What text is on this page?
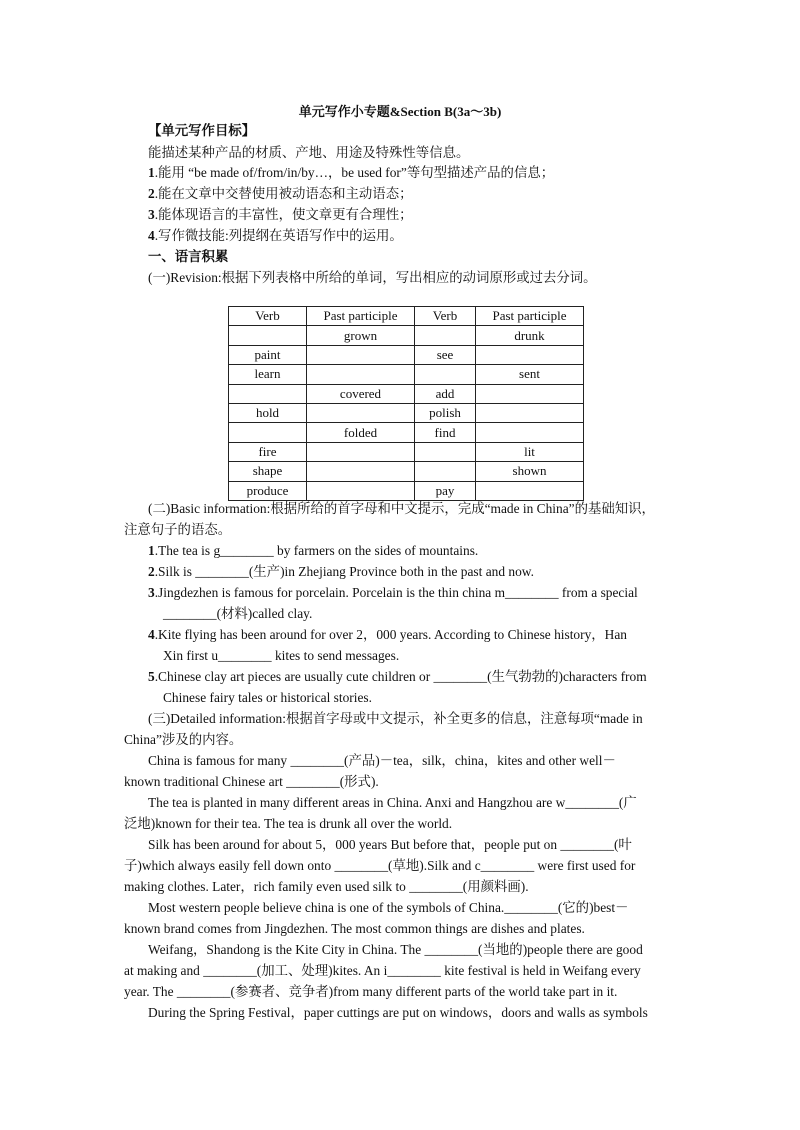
单元写作小专题&Section B(3a～3b)
【单元写作目标】
能描述某种产品的材质、产地、用途及特殊性等信息。
1.能用 “be made of/from/in/by…，be used for”等句型描述产品的信息；
2.能在文章中交替使用被动语态和主动语态；
3.能体现语言的丰富性，使文章更有合理性；
4.写作微技能:列提纲在英语写作中的运用。
一、语言积累
(一)Revision:根据下列表格中所给的单词，写出相应的动词原形或过去分词。
Verb	Past participle	Verb	Past participle
	grown		drunk
paint		see	
learn			sent
	covered	add	
hold		polish	
	folded	find	
fire			lit
shape			shown
produce		pay	
(二)Basic information:根据所给的首字母和中文提示，完成“made in China”的基础知识，
注意句子的语态。
1.The tea is g________ by farmers on the sides of mountains.
2.Silk is ________(生产)in Zhejiang Province both in the past and now.
3.Jingdezhen is famous for porcelain. Porcelain is the thin china m________ from a special
________(材料)called clay.
4.Kite flying has been around for over 2，000 years. According to Chinese history，Han
Xin first u________ kites to send messages.
5.Chinese clay art pieces are usually cute children or ________(生气勃勃的)characters from
Chinese fairy tales or historical stories.
(三)Detailed information:根据首字母或中文提示，补全更多的信息，注意每项“made in
China”涉及的内容。
China is famous for many ________(产品)－tea，silk，china，kites and other well－
known traditional Chinese art ________(形式).
The tea is planted in many different areas in China. Anxi and Hangzhou are w________(广
泛地)known for their tea. The tea is drunk all over the world.
Silk has been around for about 5，000 years But before that，people put on ________(叶
子)which always easily fell down onto ________(草地).Silk and c________ were first used for
making clothes. Later，rich family even used silk to ________(用颜料画).
Most western people believe china is one of the symbols of China.________(它的)best－
known brand comes from Jingdezhen. The most common things are dishes and plates.
Weifang，Shandong is the Kite City in China. The ________(当地的)people there are good
at making and ________(加工、处理)kites. An i________ kite festival is held in Weifang every
year. The ________(参赛者、竞争者)from many different parts of the world take part in it.
During the Spring Festival，paper cuttings are put on windows，doors and walls as symbols
